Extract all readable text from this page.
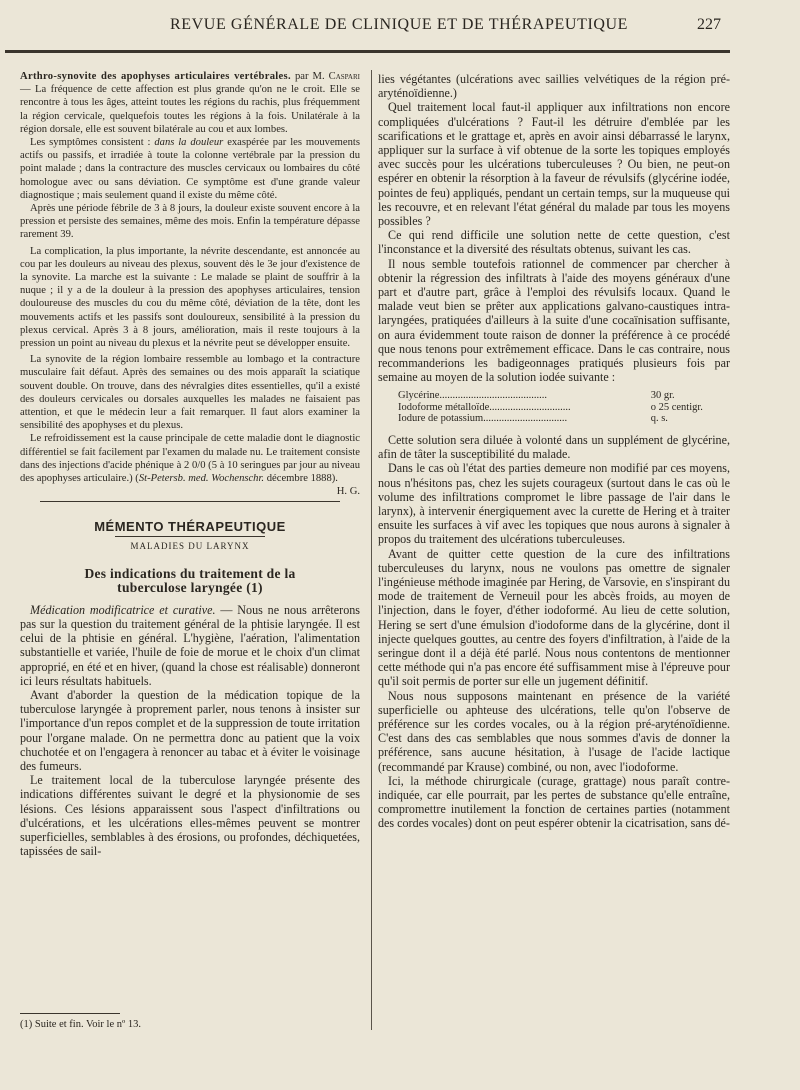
REVUE GÉNÉRALE DE CLINIQUE ET DE THÉRAPEUTIQUE	227

Arthro-synovite des apophyses articulaires vertébrales. par M. Caspari — La fréquence de cette affection est plus grande qu'on ne le croit. Elle se rencontre à tous les âges, atteint toutes les régions du rachis, plus fréquemment la région cervicale, quelquefois toutes les régions à la fois. Unilatérale à la région dorsale, elle est souvent bilatérale au cou et aux lombes.

Les symptômes consistent : dans la douleur exaspérée par les mouvements actifs ou passifs, et irradiée à toute la colonne vertébrale par la pression du point malade ; dans la contracture des muscles cervicaux ou lombaires du côté homologue avec ou sans déviation. Ce symptôme est d'une grande valeur diagnostique ; mais seulement quand il existe du même côté.

Après une période fébrile de 3 à 8 jours, la douleur existe souvent encore à la pression et persiste des semaines, même des mois. Enfin la température dépasse rarement 39.

La complication, la plus importante, la névrite descendante, est annoncée au cou par les douleurs au niveau des plexus, souvent dès le 3e jour d'existence de la synovite. La marche est la suivante : Le malade se plaint de souffrir à la nuque ; il y a de la douleur à la pression des apophyses articulaires, tension douloureuse des muscles du cou du même côté, déviation de la tête, dont les mouvements actifs et les passifs sont douloureux, sensibilité à la pression du plexus cervical. Après 3 à 8 jours, amélioration, mais il reste toujours à la pression un point au niveau du plexus et la névrite peut se développer ensuite.

La synovite de la région lombaire ressemble au lombago et la contracture musculaire fait défaut. Après des semaines ou des mois apparaît la sciatique souvent double. On trouve, dans des névralgies dites essentielles, qu'il a existé des douleurs cervicales ou dorsales auxquelles les malades ne faisaient pas attention, et que le médecin leur a fait remarquer. Il faut alors examiner la sensibilité des apophyses et du plexus.

Le refroidissement est la cause principale de cette maladie dont le diagnostic différentiel se fait facilement par l'examen du malade nu. Le traitement consiste dans des injections d'acide phénique à 2 0/0 (5 à 10 seringues par jour au niveau des apophyses articulaire.) (St-Petersb. med. Wochenschr. décembre 1888).
H. G.

MÉMENTO THÉRAPEUTIQUE

MALADIES DU LARYNX

Des indications du traitement de la
tuberculose laryngée (1)

Médication modificatrice et curative. — Nous ne nous arrêterons pas sur la question du traitement général de la phtisie laryngée. Il est celui de la phtisie en général. L'hygiène, l'aération, l'alimentation substantielle et variée, l'huile de foie de morue et le choix d'un climat approprié, en été et en hiver, (quand la chose est réalisable) donneront ici leurs résultats habituels.

Avant d'aborder la question de la médication topique de la tuberculose laryngée à proprement parler, nous tenons à insister sur l'importance d'un repos complet et de la suppression de toute irritation pour l'organe malade. On ne permettra donc au patient que la voix chuchotée et on l'engagera à renoncer au tabac et à éviter le voisinage des fumeurs.

Le traitement local de la tuberculose laryngée présente des indications différentes suivant le degré et la physionomie de ses lésions. Ces lésions apparaissent sous l'aspect d'infiltrations ou d'ulcérations, et les ulcérations elles-mêmes peuvent se montrer superficielles, semblables à des érosions, ou profondes, déchiquetées, tapissées de sail-

(1) Suite et fin. Voir le nº 13.

lies végétantes (ulcérations avec saillies velvétiques de la région pré-aryténoïdienne.)

Quel traitement local faut-il appliquer aux infiltrations non encore compliquées d'ulcérations ? Faut-il les détruire d'emblée par les scarifications et le grattage et, après en avoir ainsi débarrassé le larynx, appliquer sur la surface à vif obtenue de la sorte les topiques employés avec succès pour les ulcérations tuberculeuses ? Ou bien, ne peut-on espérer en obtenir la résorption à la faveur de révulsifs (glycérine iodée, pointes de feu) appliqués, pendant un certain temps, sur la muqueuse qui les recouvre, et en relevant l'état général du malade par tous les moyens possibles ?

Ce qui rend difficile une solution nette de cette question, c'est l'inconstance et la diversité des résultats obtenus, suivant les cas.

Il nous semble toutefois rationnel de commencer par chercher à obtenir la régression des infiltrats à l'aide des moyens généraux d'une part et d'autre part, grâce à l'emploi des révulsifs locaux. Quand le malade veut bien se prêter aux applications galvano-caustiques intra-laryngées, pratiquées d'ailleurs à la suite d'une cocaïnisation suffisante, on aura évidemment toute raison de donner la préférence à ce procédé que nous tenons pour extrêmement efficace. Dans le cas contraire, nous recommanderions les badigeonnages pratiqués plusieurs fois par semaine au moyen de la solution iodée suivante :

Glycérine.........................................	30 gr.
Iodoforme métalloïde...............................	o 25 centigr.
Iodure de potassium................................	q. s.

Cette solution sera diluée à volonté dans un supplément de glycérine, afin de tâter la susceptibilité du malade.

Dans le cas où l'état des parties demeure non modifié par ces moyens, nous n'hésitons pas, chez les sujets courageux (surtout dans le cas où le volume des infiltrations compromet le libre passage de l'air dans le larynx), à intervenir énergiquement avec la curette de Hering et à traiter ensuite les surfaces à vif avec les topiques que nous aurons à signaler à propos du traitement des ulcérations tuberculeuses.

Avant de quitter cette question de la cure des infiltrations tuberculeuses du larynx, nous ne voulons pas omettre de signaler l'ingénieuse méthode imaginée par Hering, de Varsovie, en s'inspirant du mode de traitement de Verneuil pour les abcès froids, au moyen de l'injection, dans le foyer, d'éther iodoformé. Au lieu de cette solution, Hering se sert d'une émulsion d'iodoforme dans de la glycérine, dont il injecte quelques gouttes, au centre des foyers d'infiltration, à l'aide de la seringue dont il a déjà été parlé. Nous nous contentons de mentionner cette méthode qui n'a pas encore été suffisamment mise à l'épreuve pour qu'il soit permis de porter sur elle un jugement définitif.

Nous nous supposons maintenant en présence de la variété superficielle ou aphteuse des ulcérations, telle qu'on l'observe de préférence sur les cordes vocales, ou à la région pré-aryténoïdienne. C'est dans des cas semblables que nous sommes d'avis de donner la préférence, sans aucune hésitation, à l'usage de l'acide lactique (recommandé par Krause) combiné, ou non, avec l'iodoforme.

Ici, la méthode chirurgicale (curage, grattage) nous paraît contre-indiquée, car elle pourrait, par les pertes de substance qu'elle entraîne, compromettre inutilement la fonction de certaines parties (notamment des cordes vocales) dont on peut espérer obtenir la cicatrisation, sans dé-
